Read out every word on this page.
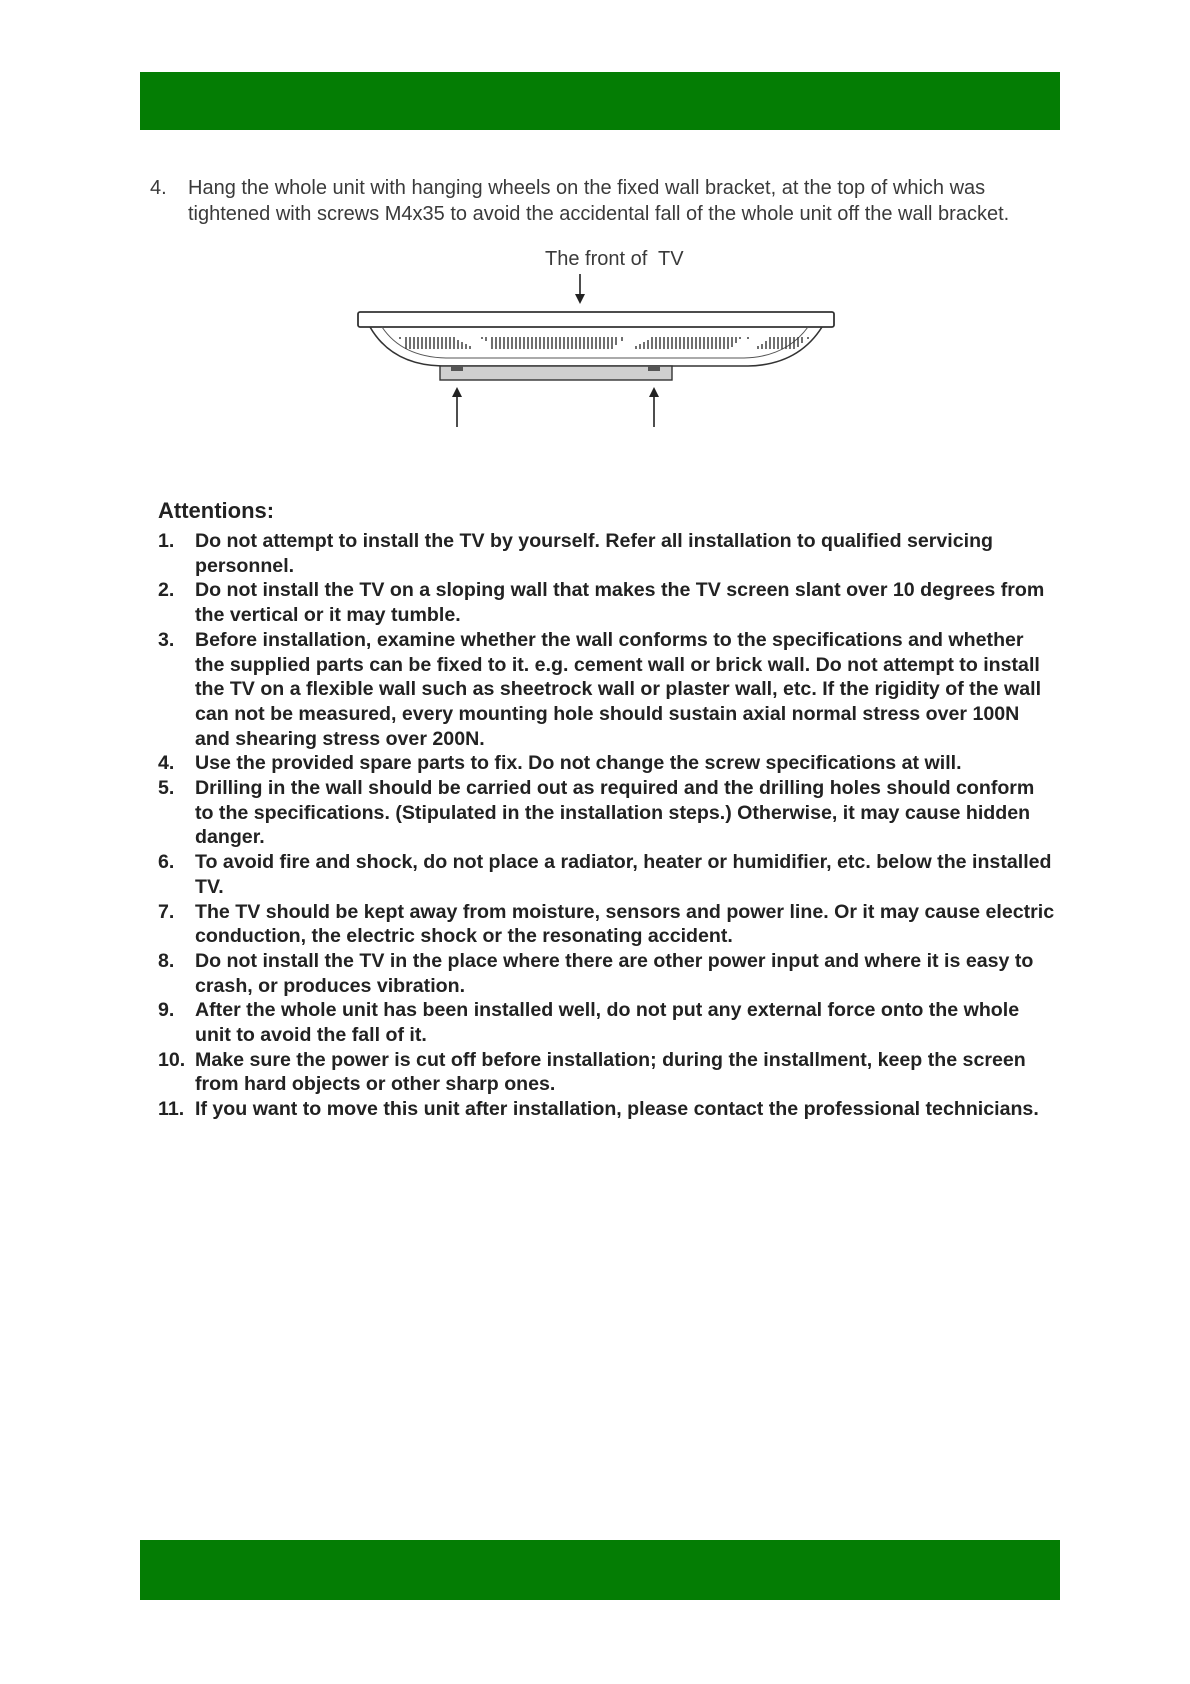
4. Hang the whole unit with hanging wheels on the fixed wall bracket, at the top of which was tightened with screws M4x35 to avoid the accidental fall of the whole unit off the wall bracket.
The front of  TV
Attentions:
1. Do not attempt to install the TV by yourself. Refer all installation to qualified servicing personnel.
2. Do not install the TV on a sloping wall that makes the TV screen slant over 10 degrees from the vertical or it may tumble.
3. Before installation, examine whether the wall conforms to the specifications and whether the supplied parts can be fixed to it. e.g. cement wall or brick wall. Do not attempt to install the TV on a flexible wall such as sheetrock wall or plaster wall, etc. If the rigidity of the wall can not be measured, every mounting hole should sustain axial normal stress over 100N and shearing stress over 200N.
4. Use the provided spare parts to fix. Do not change the screw specifications at will.
5. Drilling in the wall should be carried out as required and the drilling holes should conform to the specifications. (Stipulated in the installation steps.) Otherwise, it may cause hidden danger.
6. To avoid fire and shock, do not place a radiator, heater or humidifier, etc. below the installed TV.
7. The TV should be kept away from moisture, sensors and power line. Or it may cause electric conduction, the electric shock or the resonating accident.
8. Do not install the TV in the place where there are other power input and where it is easy to crash, or produces vibration.
9. After the whole unit has been installed well, do not put any external force onto the whole unit to avoid the fall of it.
10. Make sure the power is cut off before installation; during the installment, keep the screen from hard objects or other sharp ones.
11. If you want to move this unit after installation, please contact the professional technicians.
